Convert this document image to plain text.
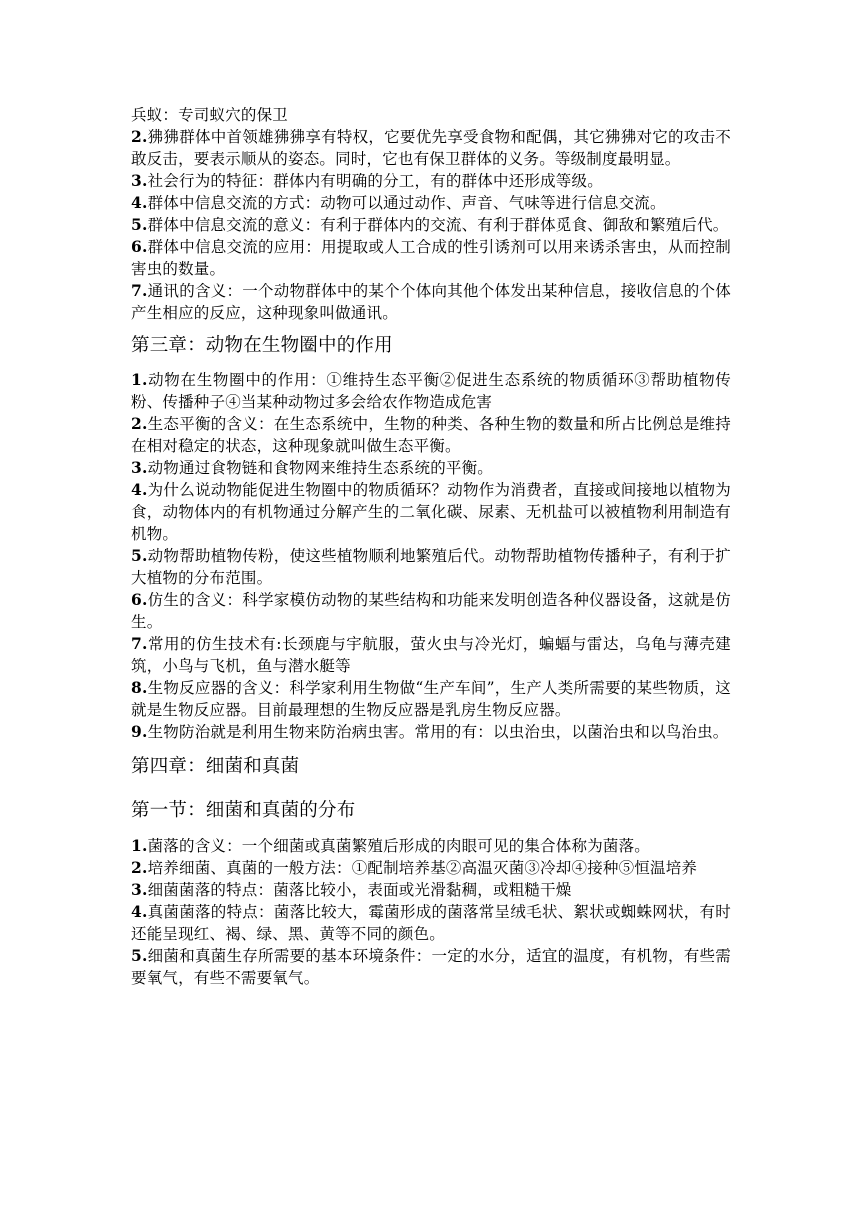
兵蚁：专司蚁穴的保卫

2.狒狒群体中首领雄狒狒享有特权，它要优先享受食物和配偶，其它狒狒对它的攻击不敢反击，要表示顺从的姿态。同时，它也有保卫群体的义务。等级制度最明显。

3.社会行为的特征：群体内有明确的分工，有的群体中还形成等级。

4.群体中信息交流的方式：动物可以通过动作、声音、气味等进行信息交流。

5.群体中信息交流的意义：有利于群体内的交流、有利于群体觅食、御敌和繁殖后代。

6.群体中信息交流的应用：用提取或人工合成的性引诱剂可以用来诱杀害虫，从而控制害虫的数量。

7.通讯的含义：一个动物群体中的某个个体向其他个体发出某种信息，接收信息的个体产生相应的反应，这种现象叫做通讯。

第三章：动物在生物圈中的作用

1.动物在生物圈中的作用：①维持生态平衡②促进生态系统的物质循环③帮助植物传粉、传播种子④当某种动物过多会给农作物造成危害

2.生态平衡的含义：在生态系统中，生物的种类、各种生物的数量和所占比例总是维持在相对稳定的状态，这种现象就叫做生态平衡。

3.动物通过食物链和食物网来维持生态系统的平衡。

4.为什么说动物能促进生物圈中的物质循环？动物作为消费者，直接或间接地以植物为食，动物体内的有机物通过分解产生的二氧化碳、尿素、无机盐可以被植物利用制造有机物。

5.动物帮助植物传粉，使这些植物顺利地繁殖后代。动物帮助植物传播种子，有利于扩大植物的分布范围。

6.仿生的含义：科学家模仿动物的某些结构和功能来发明创造各种仪器设备，这就是仿生。

7.常用的仿生技术有:长颈鹿与宇航服，萤火虫与冷光灯，蝙蝠与雷达，乌龟与薄壳建筑，小鸟与飞机，鱼与潜水艇等

8.生物反应器的含义：科学家利用生物做“生产车间”，生产人类所需要的某些物质，这就是生物反应器。目前最理想的生物反应器是乳房生物反应器。

9.生物防治就是利用生物来防治病虫害。常用的有：以虫治虫，以菌治虫和以鸟治虫。

第四章：细菌和真菌
第一节：细菌和真菌的分布

1.菌落的含义：一个细菌或真菌繁殖后形成的肉眼可见的集合体称为菌落。

2.培养细菌、真菌的一般方法：①配制培养基②高温灭菌③冷却④接种⑤恒温培养

3.细菌菌落的特点：菌落比较小，表面或光滑黏稠，或粗糙干燥

4.真菌菌落的特点：菌落比较大，霉菌形成的菌落常呈绒毛状、絮状或蜘蛛网状，有时还能呈现红、褐、绿、黑、黄等不同的颜色。

5.细菌和真菌生存所需要的基本环境条件：一定的水分，适宜的温度，有机物，有些需要氧气，有些不需要氧气。
